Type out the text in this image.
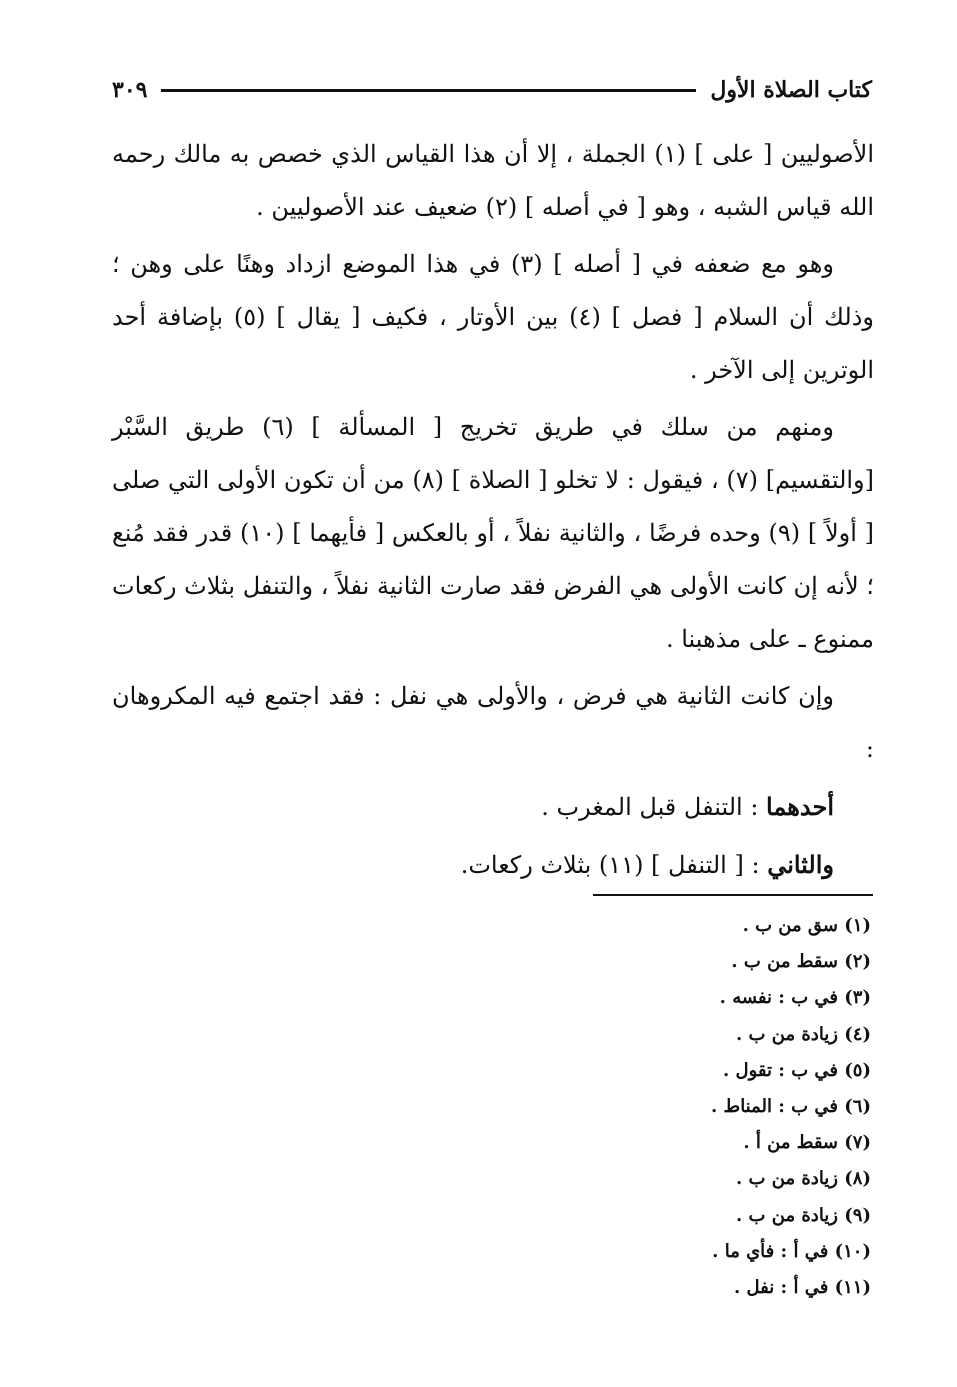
كتاب الصلاة الأول
٣٠٩

الأصوليين [ على ] (١) الجملة ، إلا أن هذا القياس الذي خصص به مالك رحمه الله قياس الشبه ، وهو [ في أصله ] (٢) ضعيف عند الأصوليين .

وهو مع ضعفه في [ أصله ] (٣) في هذا الموضع ازداد وهنًا على وهن ؛ وذلك أن السلام [ فصل ] (٤) بين الأوتار ، فكيف [ يقال ] (٥) بإضافة أحد الوترين إلى الآخر .

ومنهم من سلك في طريق تخريج [ المسألة ] (٦) طريق السَّبْر [والتقسيم] (٧) ، فيقول : لا تخلو [ الصلاة ] (٨) من أن تكون الأولى التي صلى [ أولاً ] (٩) وحده فرضًا ، والثانية نفلاً ، أو بالعكس [ فأيهما ] (١٠) قدر فقد مُنع ؛ لأنه إن كانت الأولى هي الفرض فقد صارت الثانية نفلاً ، والتنفل بثلاث ركعات ممنوع ـ على مذهبنا .

وإن كانت الثانية هي فرض ، والأولى هي نفل : فقد اجتمع فيه المكروهان :

أحدهما : التنفل قبل المغرب .

والثاني : [ التنفل ] (١١) بثلاث ركعات.

(١) سق من ب .
(٢) سقط من ب .
(٣) في ب : نفسه .
(٤) زيادة من ب .
(٥) في ب : تقول .
(٦) في ب : المناط .
(٧) سقط من أ .
(٨) زيادة من ب .
(٩) زيادة من ب .
(١٠) في أ : فأي ما .
(١١) في أ : نفل .
